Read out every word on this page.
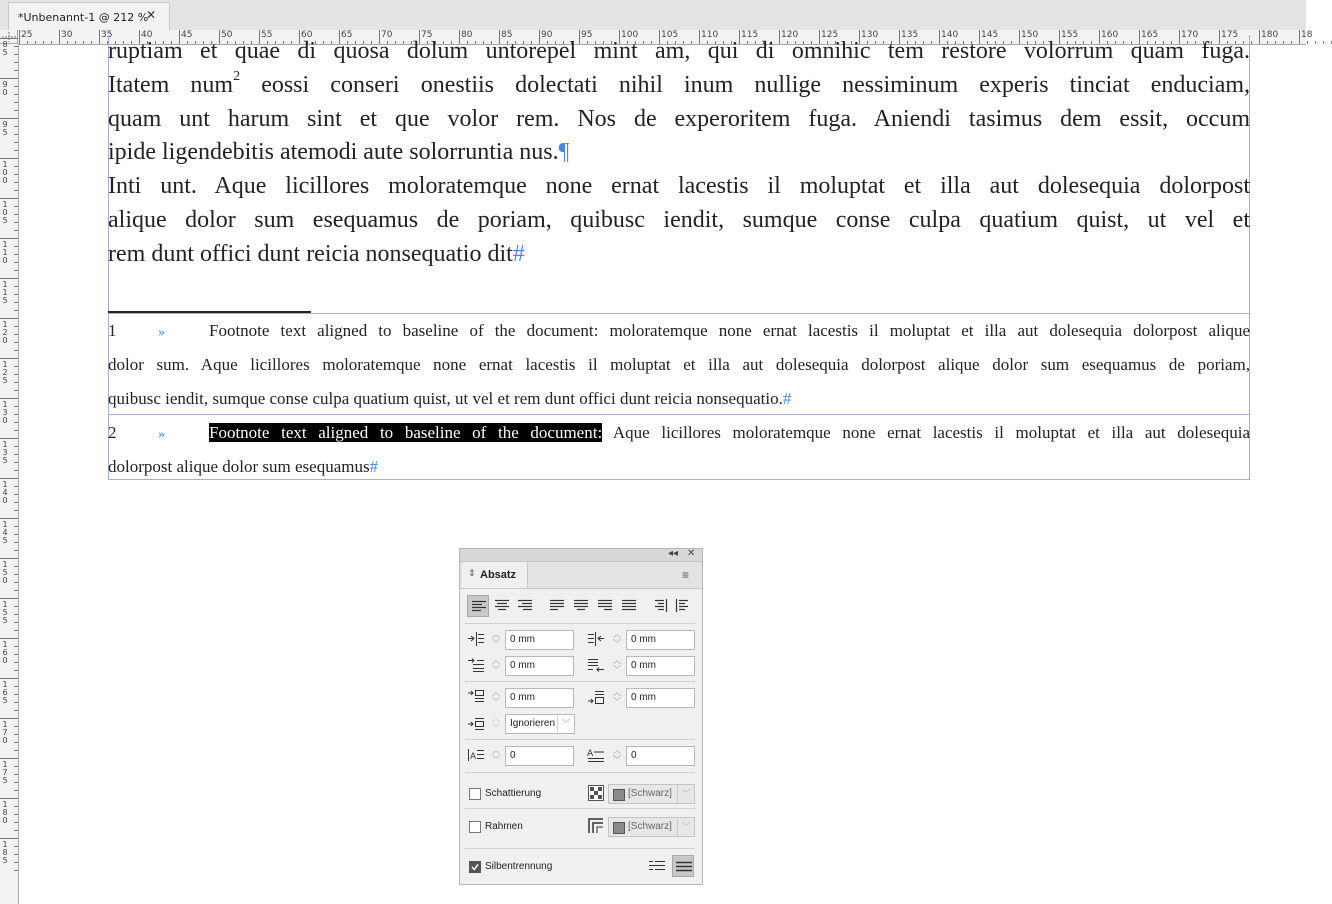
*Unbenannt-1 @ 212 %
✕
25	30	35	40	45	50	55	60	65	70	75	80	85	90	95	100	105	110	115	120	125	130	135	140	145	150	155	160	165	170	175	180	18
8
5
9
0
9
5
1
0
0
1
0
5
1
1
0
1
1
5
1
2
0
1
2
5
1
3
0
1
3
5
1
4
0
1
4
5
1
5
0
1
5
5
1
6
0
1
6
5
1
7
0
1
7
5
1
8
0
1
8
5
ruptiam et quae di quosa dolum untorepel mint am, qui di omnihic tem restore volorrum quam fuga.
Itatem num$^2$ eossi conseri onestiis dolectati nihil inum nullige nessiminum experis tinciat enduciam,
quam unt harum sint et que volor rem. Nos de experoritem fuga. Aniendi tasimus dem essit, occum
ipide ligendebitis atemodi aute solorruntia nus.¶
Inti unt. Aque licillores moloratemque none ernat lacestis il moluptat et illa aut dolesequia dolorpost
alique dolor sum esequamus de poriam, quibusc iendit, sumque conse culpa quatium quist, ut vel et
rem dunt offici dunt reicia nonsequatio dit#
1	»	Footnote text aligned to baseline of the document: moloratemque none ernat lacestis il moluptat et illa aut dolesequia dolorpost alique
dolor sum. Aque licillores moloratemque none ernat lacestis il moluptat et illa aut dolesequia dolorpost alique dolor sum esequamus de poriam,
quibusc iendit, sumque conse culpa quatium quist, ut vel et rem dunt offici dunt reicia nonsequatio.#
2	»	Footnote text aligned to baseline of the document: Aque licillores moloratemque none ernat lacestis il moluptat et illa aut dolesequia
dolorpost alique dolor sum esequamus#
◂◂ ✕
⇕ Absatz	≡
︿
﹀	0 mm	︿
﹀	0 mm
︿
﹀	0 mm	︿
﹀	0 mm
︿
﹀	0 mm	︿
﹀	0 mm
︿
﹀	Ignorieren ﹀
A
︿
﹀	0	A	︿
﹀	0
Schattierung	[Schwarz]	﹀
Rahmen	[Schwarz]	﹀
Silbentrennung
